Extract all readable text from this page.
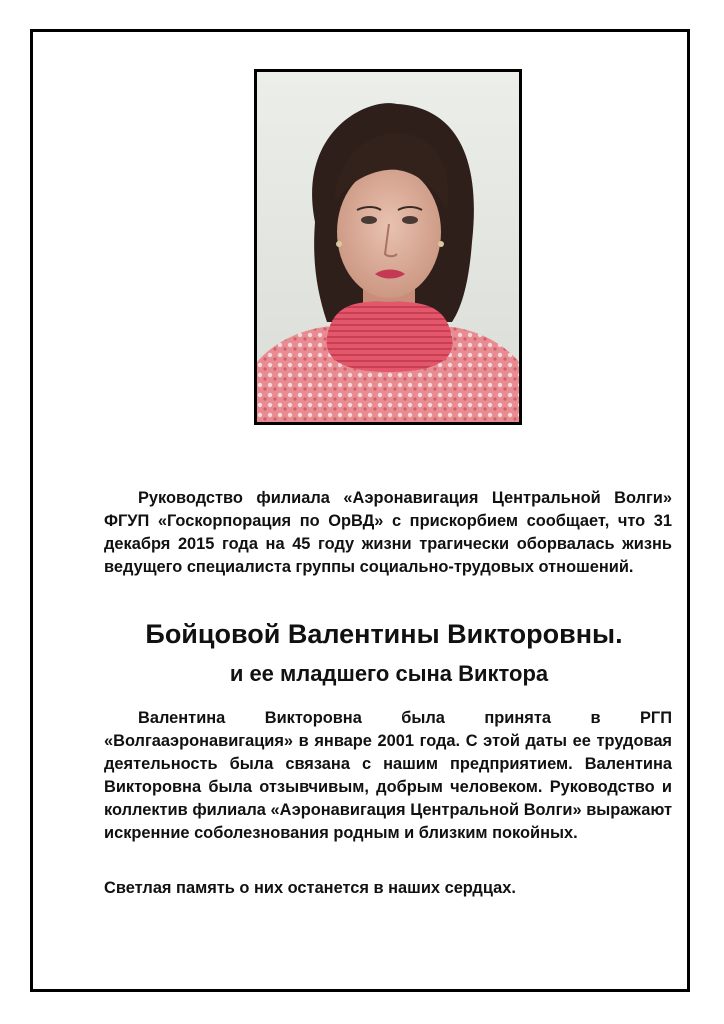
Руководство филиала «Аэронавигация Центральной Волги» ФГУП «Госкорпорация по ОрВД» с прискорбием сообщает, что 31 декабря 2015 года на 45 году жизни трагически оборвалась жизнь ведущего специалиста группы социально-трудовых отношений.

Бойцовой Валентины Викторовны.

и ее младшего сына Виктора

Валентина Викторовна была принята в РГП «Волгааэронавигация» в январе 2001 года. С этой даты ее трудовая деятельность была связана с нашим предприятием. Валентина Викторовна была отзывчивым, добрым человеком. Руководство и коллектив филиала «Аэронавигация Центральной Волги» выражают искренние соболезнования родным и близким покойных.

Светлая память о них останется в наших сердцах.
